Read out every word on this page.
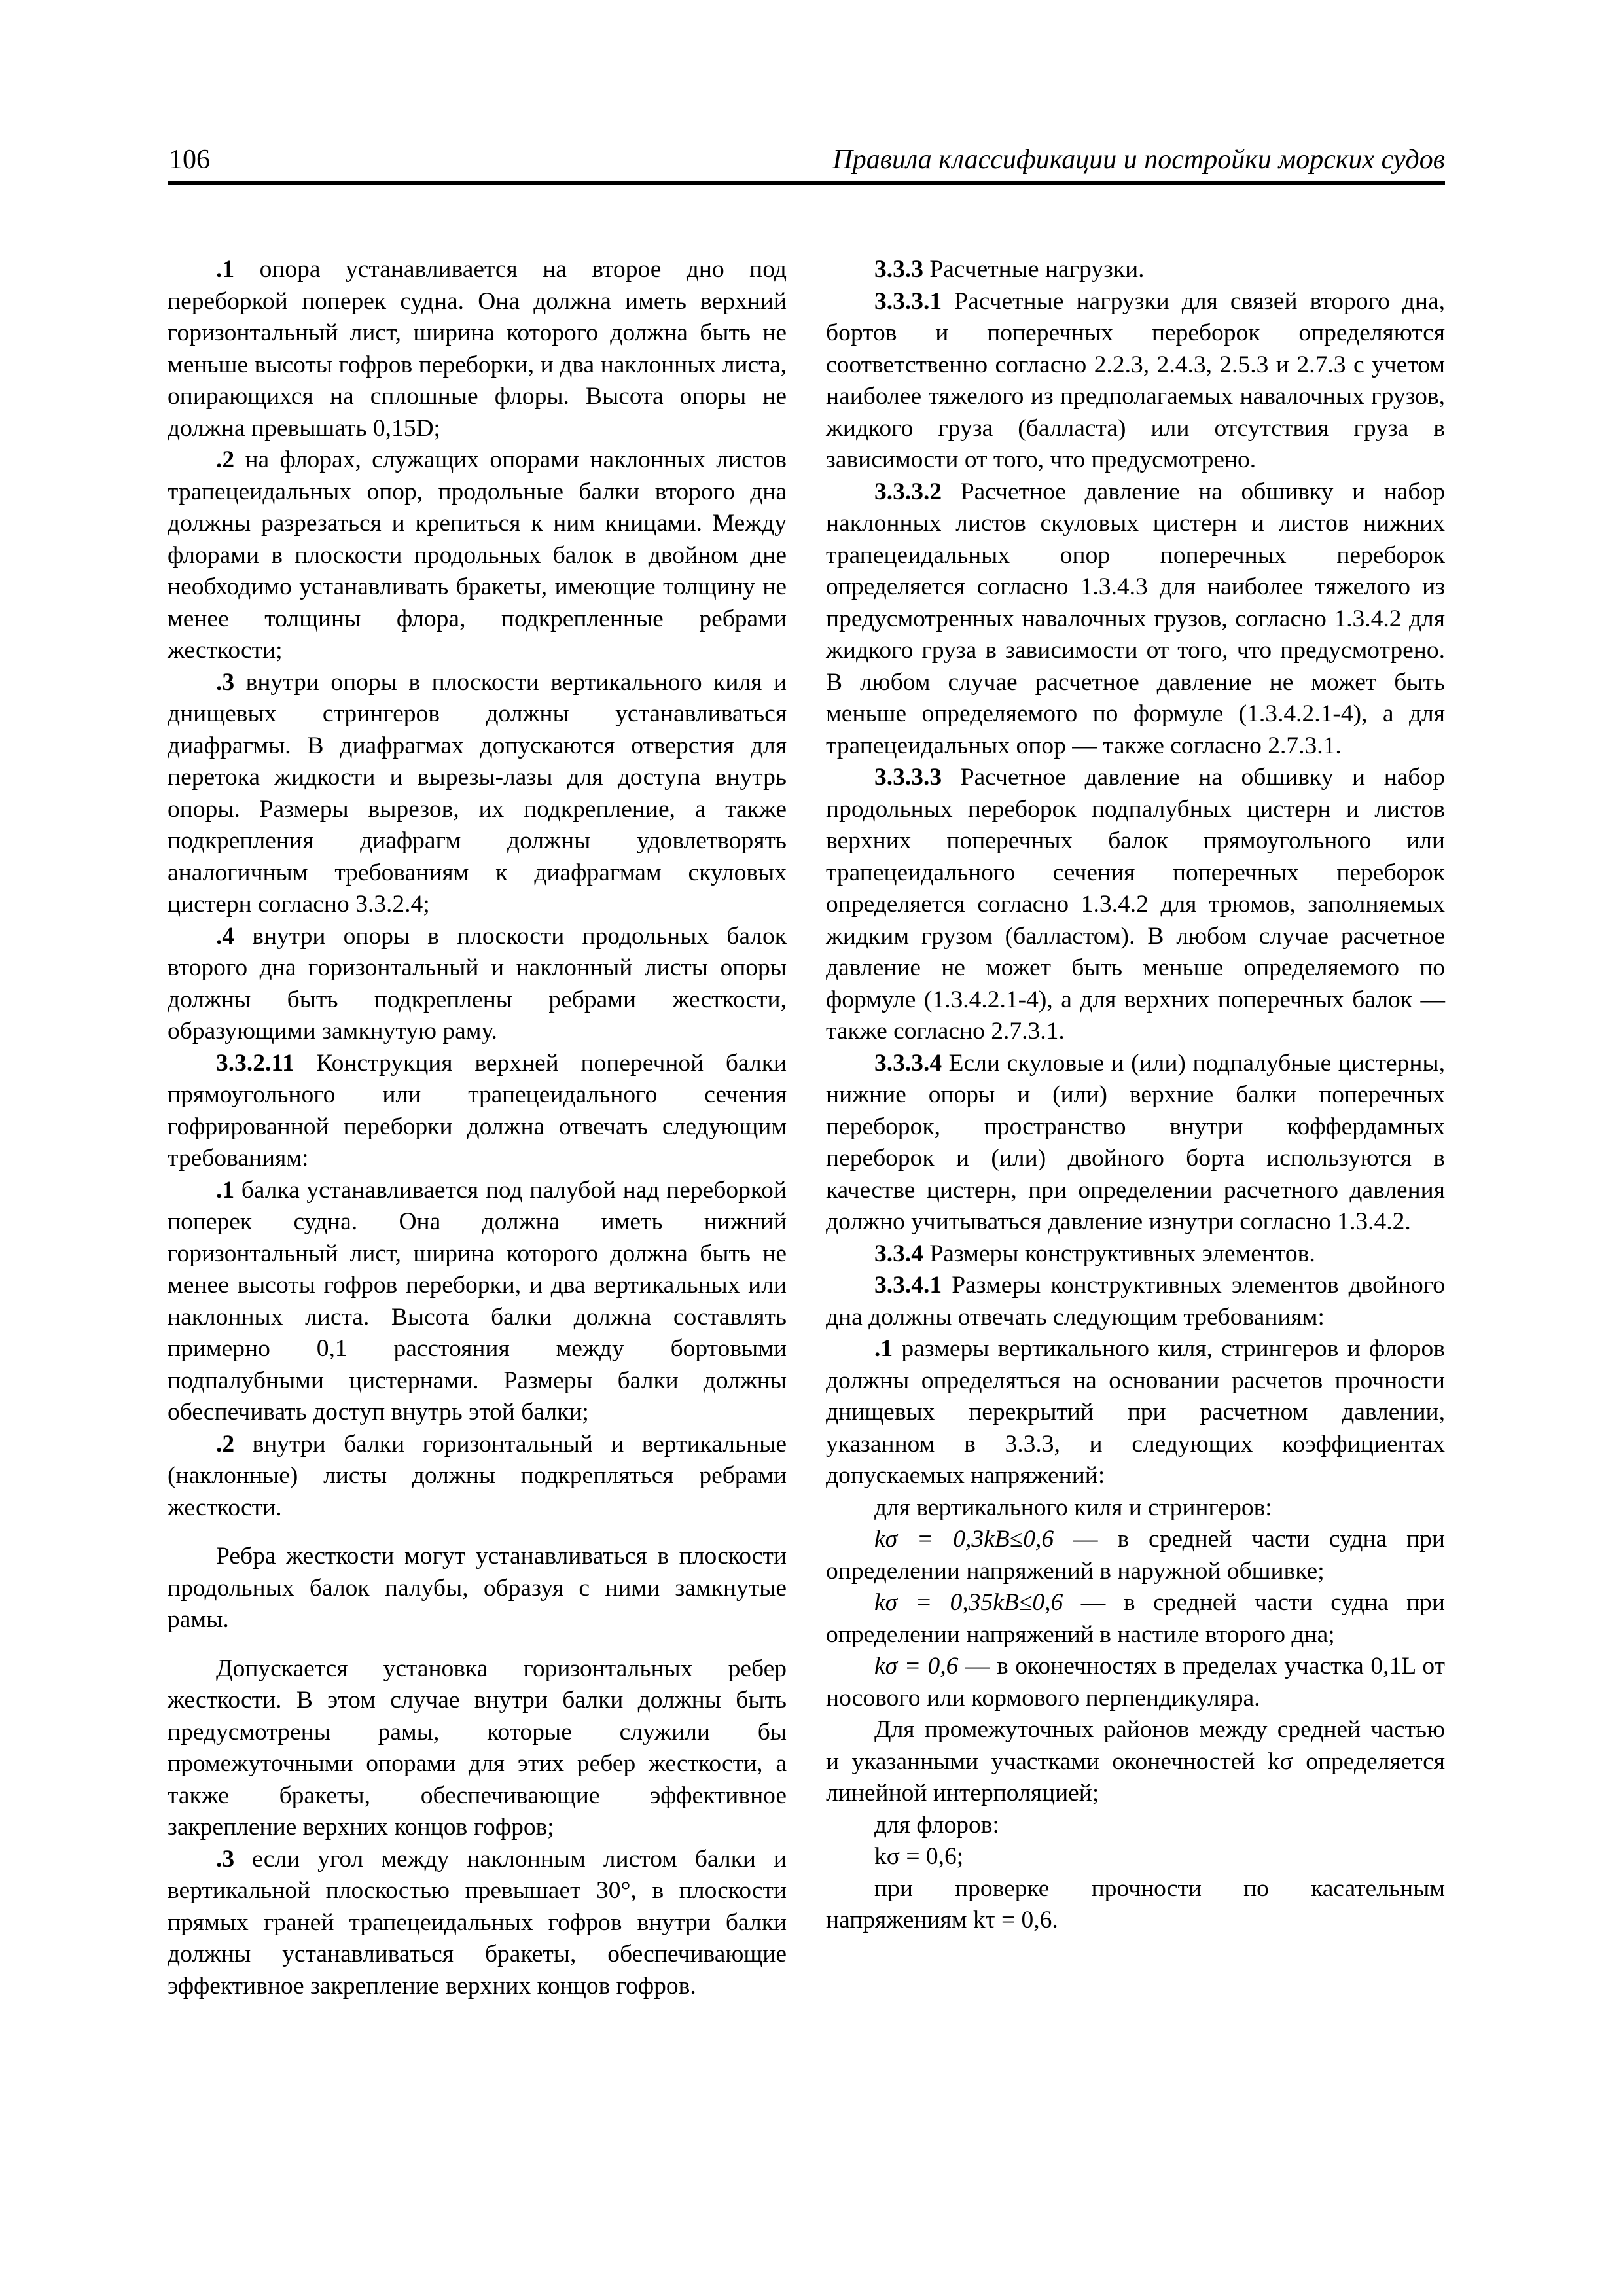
106	Правила классификации и постройки морских судов

.1 опора устанавливается на второе дно под переборкой поперек судна. Она должна иметь верхний горизонтальный лист, ширина которого должна быть не меньше высоты гофров переборки, и два наклонных листа, опирающихся на сплошные флоры. Высота опоры не должна превышать 0,15D;

.2 на флорах, служащих опорами наклонных листов трапецеидальных опор, продольные балки второго дна должны разрезаться и крепиться к ним кницами. Между флорами в плоскости продольных балок в двойном дне необходимо устанавливать бракеты, имеющие толщину не менее толщины флора, подкрепленные ребрами жесткости;

.3 внутри опоры в плоскости вертикального киля и днищевых стрингеров должны устанавливаться диафрагмы. В диафрагмах допускаются отверстия для перетока жидкости и вырезы-лазы для доступа внутрь опоры. Размеры вырезов, их подкрепление, а также подкрепления диафрагм должны удовлетворять аналогичным требованиям к диафрагмам скуловых цистерн согласно 3.3.2.4;

.4 внутри опоры в плоскости продольных балок второго дна горизонтальный и наклонный листы опоры должны быть подкреплены ребрами жесткости, образующими замкнутую раму.

3.3.2.11 Конструкция верхней поперечной балки прямоугольного или трапецеидального сечения гофрированной переборки должна отвечать следующим требованиям:

.1 балка устанавливается под палубой над переборкой поперек судна. Она должна иметь нижний горизонтальный лист, ширина которого должна быть не менее высоты гофров переборки, и два вертикальных или наклонных листа. Высота балки должна составлять примерно 0,1 расстояния между бортовыми подпалубными цистернами. Размеры балки должны обеспечивать доступ внутрь этой балки;

.2 внутри балки горизонтальный и вертикальные (наклонные) листы должны подкрепляться ребрами жесткости.

Ребра жесткости могут устанавливаться в плоскости продольных балок палубы, образуя с ними замкнутые рамы.

Допускается установка горизонтальных ребер жесткости. В этом случае внутри балки должны быть предусмотрены рамы, которые служили бы промежуточными опорами для этих ребер жесткости, а также бракеты, обеспечивающие эффективное закрепление верхних концов гофров;

.3 если угол между наклонным листом балки и вертикальной плоскостью превышает 30°, в плоскости прямых граней трапецеидальных гофров внутри балки должны устанавливаться бракеты, обеспечивающие эффективное закрепление верхних концов гофров.

3.3.3 Расчетные нагрузки.

3.3.3.1 Расчетные нагрузки для связей второго дна, бортов и поперечных переборок определяются соответственно согласно 2.2.3, 2.4.3, 2.5.3 и 2.7.3 с учетом наиболее тяжелого из предполагаемых навалочных грузов, жидкого груза (балласта) или отсутствия груза в зависимости от того, что предусмотрено.

3.3.3.2 Расчетное давление на обшивку и набор наклонных листов скуловых цистерн и листов нижних трапецеидальных опор поперечных переборок определяется согласно 1.3.4.3 для наиболее тяжелого из предусмотренных навалочных грузов, согласно 1.3.4.2 для жидкого груза в зависимости от того, что предусмотрено. В любом случае расчетное давление не может быть меньше определяемого по формуле (1.3.4.2.1-4), а для трапецеидальных опор — также согласно 2.7.3.1.

3.3.3.3 Расчетное давление на обшивку и набор продольных переборок подпалубных цистерн и листов верхних поперечных балок прямоугольного или трапецеидального сечения поперечных переборок определяется согласно 1.3.4.2 для трюмов, заполняемых жидким грузом (балластом). В любом случае расчетное давление не может быть меньше определяемого по формуле (1.3.4.2.1-4), а для верхних поперечных балок — также согласно 2.7.3.1.

3.3.3.4 Если скуловые и (или) подпалубные цистерны, нижние опоры и (или) верхние балки поперечных переборок, пространство внутри коффердамных переборок и (или) двойного борта используются в качестве цистерн, при определении расчетного давления должно учитываться давление изнутри согласно 1.3.4.2.

3.3.4 Размеры конструктивных элементов.

3.3.4.1 Размеры конструктивных элементов двойного дна должны отвечать следующим требованиям:

.1 размеры вертикального киля, стрингеров и флоров должны определяться на основании расчетов прочности днищевых перекрытий при расчетном давлении, указанном в 3.3.3, и следующих коэффициентах допускаемых напряжений:

для вертикального киля и стрингеров:

kσ = 0,3kB≤0,6 — в средней части судна при определении напряжений в наружной обшивке;

kσ = 0,35kB≤0,6 — в средней части судна при определении напряжений в настиле второго дна;

kσ = 0,6 — в оконечностях в пределах участка 0,1L от носового или кормового перпендикуляра.

Для промежуточных районов между средней частью и указанными участками оконечностей kσ определяется линейной интерполяцией;

для флоров:

kσ = 0,6;

при проверке прочности по касательным напряжениям kτ = 0,6.
